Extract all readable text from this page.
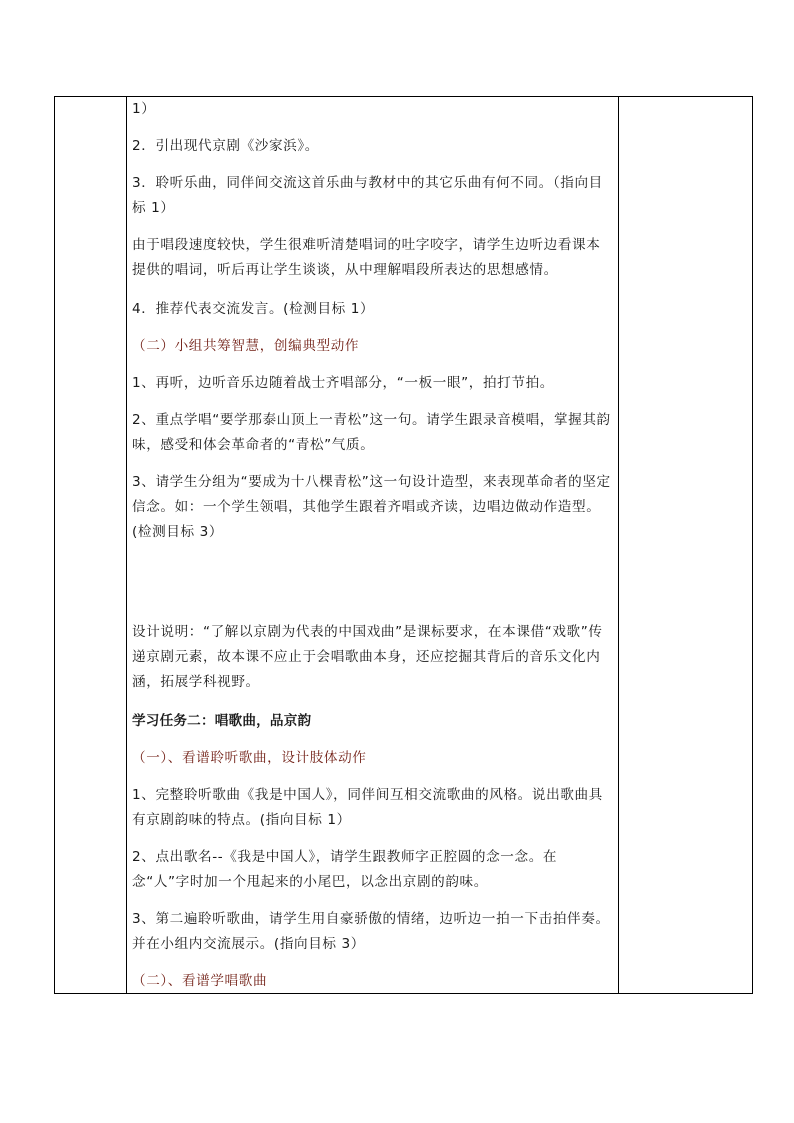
1）

2．引出现代京剧《沙家浜》。

3．聆听乐曲，同伴间交流这首乐曲与教材中的其它乐曲有何不同。（指向目标 1）

由于唱段速度较快，学生很难听清楚唱词的吐字咬字，请学生边听边看课本提供的唱词，听后再让学生谈谈，从中理解唱段所表达的思想感情。

4．推荐代表交流发言。(检测目标 1）

（二）小组共筹智慧，创编典型动作

1、再听，边听音乐边随着战士齐唱部分，“一板一眼”，拍打节拍。

2、重点学唱“要学那泰山顶上一青松”这一句。请学生跟录音模唱，掌握其韵味，感受和体会革命者的“青松”气质。

3、请学生分组为“要成为十八棵青松”这一句设计造型，来表现革命者的坚定信念。如：一个学生领唱，其他学生跟着齐唱或齐读，边唱边做动作造型。(检测目标 3）

设计说明：“了解以京剧为代表的中国戏曲”是课标要求，在本课借“戏歌”传递京剧元素，故本课不应止于会唱歌曲本身，还应挖掘其背后的音乐文化内涵，拓展学科视野。

学习任务二：唱歌曲，品京韵

（一）、看谱聆听歌曲，设计肢体动作

1、完整聆听歌曲《我是中国人》，同伴间互相交流歌曲的风格。说出歌曲具有京剧韵味的特点。(指向目标 1）

2、点出歌名--《我是中国人》，请学生跟教师字正腔圆的念一念。在念“人”字时加一个甩起来的小尾巴，以念出京剧的韵味。

3、第二遍聆听歌曲，请学生用自豪骄傲的情绪，边听边一拍一下击拍伴奏。并在小组内交流展示。(指向目标 3）

（二）、看谱学唱歌曲
